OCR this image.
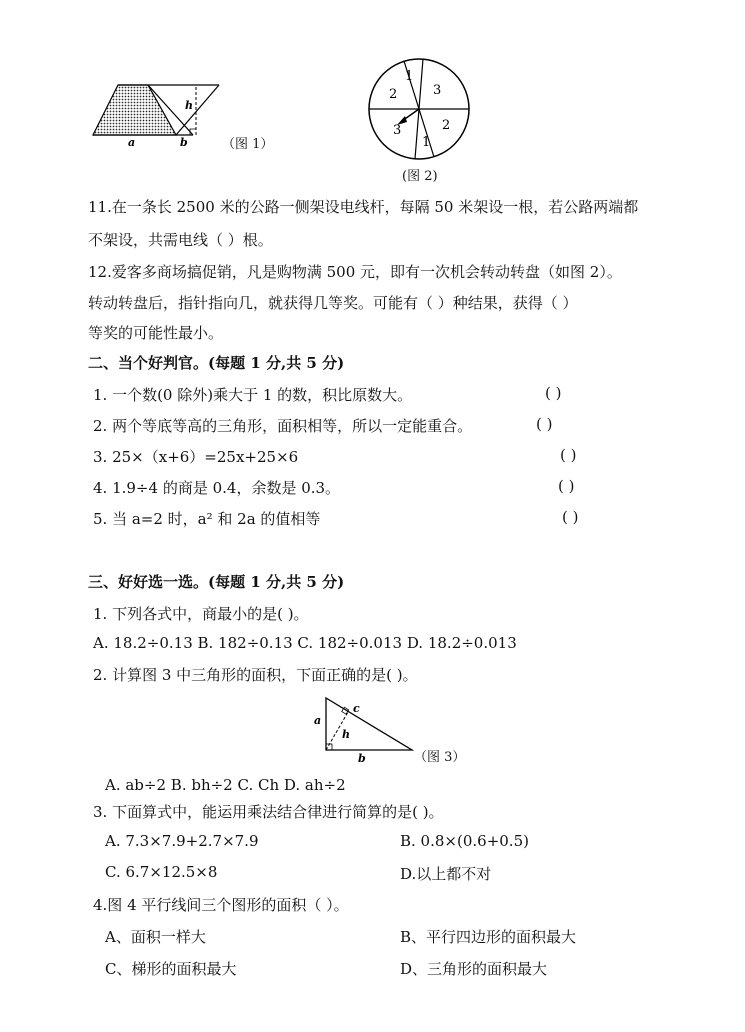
h
a	b	（图 1）
1
3
2
1
3
2
(图 2)
11.在一条长 2500 米的公路一侧架设电线杆，每隔 50 米架设一根，若公路两端都
不架设，共需电线（ ）根。
12.爱客多商场搞促销，凡是购物满 500 元，即有一次机会转动转盘（如图 2）。
转动转盘后，指针指向几，就获得几等奖。可能有（ ）种结果，获得（ ）
等奖的可能性最小。
二、当个好判官。(每题 1 分,共 5 分)
1. 一个数(0 除外)乘大于 1 的数，积比原数大。	( )
2. 两个等底等高的三角形，面积相等，所以一定能重合。	( )
3. 25×（x+6）=25x+25×6	( )
4. 1.9÷4 的商是 0.4，余数是 0.3。	( )
5. 当 a=2 时，a² 和 2a 的值相等	( )
三、好好选一选。(每题 1 分,共 5 分)
1. 下列各式中，商最小的是( )。
A. 18.2÷0.13 B. 182÷0.13 C. 182÷0.013 D. 18.2÷0.013
2. 计算图 3 中三角形的面积，下面正确的是( )。
a
c
h
b	（图 3）
A. ab÷2 B. bh÷2 C. Ch D. ah÷2
3. 下面算式中，能运用乘法结合律进行简算的是( )。
A. 7.3×7.9+2.7×7.9	B. 0.8×(0.6+0.5)
C. 6.7×12.5×8	D.以上都不对
4.图 4 平行线间三个图形的面积（ ）。
A、面积一样大	B、平行四边形的面积最大
C、梯形的面积最大	D、三角形的面积最大
